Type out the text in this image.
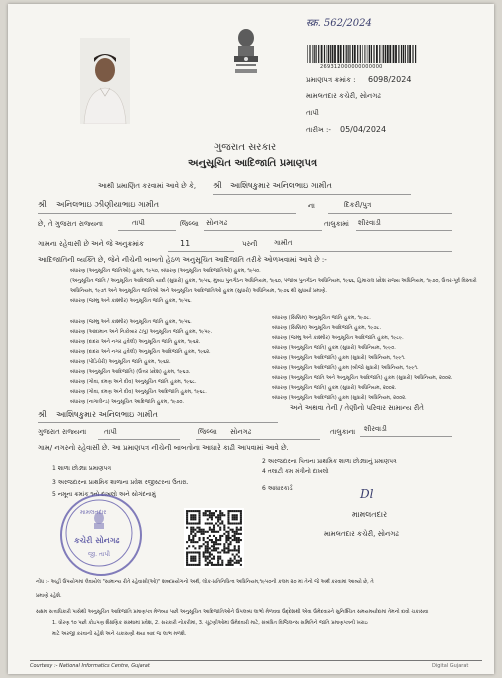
स्क्र. 562/2024
269312000000000000
પ્રમાણપત્ર ક્રમાંક : 6098/2024
મામલતદાર કચેરી, સોનગઢ
તાપી
તારીખ :- 05/04/2024
ગુજરાત સરકાર
અનુસૂચિત આદિજાતિ પ્રમાણપત્ર
આથી પ્રમાણિત કરવામાં આવે છે કે, શ્રી આશિષકુમાર અનિલભાઇ ગામીત
શ્રી અનિલભાઇ ઝીણીયાભાઇ ગામીત	ના	દિકરી/પુત્ર
છે, તે ગુજરાત રાજ્યના	તાપી	જિલ્લા સોનગઢ	તાલુકામાં શીરવાડી
ગામના રહેવાસી છે અને જે અનુક્રમાંક	11	પરની ગામીત
આદિજાતિની વ્યક્તિ છે, જેને નીચેની બાબતો હેઠળ અનુસૂચિત આદિજાતિ તરીકે ઓળખવામાં આવે છે :-
બંધારણ (અનુસૂચિત જાતિઓ) હુકમ, ૧૯૫૦, બંધારણ (અનુસૂચિત આદિજાતિઓ) હુકમ, ૧૯૫૦.
(અનુસૂચિત જાતિ / અનુસૂચિત આદિજાતિ યાદી (સુધારો) હુકમ, ૧૯૫૬, મુંબઇ પુનર્ગઠન અધિનિયમ, ૧૯૬૦, પંજાબ પુનર્ગઠન અધિનિયમ, ૧૯૬૬, હિમાચલ પ્રદેશ રાજ્ય અધિનિયમ, ૧૯૭૦, ઉત્તર-પૂર્વ વિસ્તારો
અધિનિયમ, ૧૯૭૧ અને અનુસૂચિત જાતિઓ અને અનુસૂચિત આદિજાતિઓ હુકમ (સુધારો) અધિનિયમ, ૧૯૭૬ થી સુધાર્યા પ્રમાણે.
બંધારણ (જમ્મુ અને કાશ્મીર) અનુસૂચિત જાતિ હુકમ, ૧૯૫૬.
બંધારણ (જમ્મુ અને કાશ્મીર) અનુસૂચિત જાતિ હુકમ, ૧૯૫૬.
બંધારણ (આંદામાન અને નિકોબાર ટાપુ) અનુસૂચિત જાતિ હુકમ, ૧૯૫૯.
બંધારણ (દાદરા અને નગર હવેલી) અનુસૂચિત જાતિ હુકમ, ૧૯૬૨.
બંધારણ (દાદરા અને નગર હવેલી) અનુસૂચિત આદિજાતિ હુકમ, ૧૯૬૨.
બંધારણ (પોંડિચેરી) અનુસૂચિત જાતિ હુકમ, ૧૯૬૪.
બંધારણ (અનુસૂચિત આદિજાતિ) (ઉત્તર પ્રદેશ) હુકમ, ૧૯૬૭.
બંધારણ (ગોવા, દમણ અને દીવ) અનુસૂચિત જાતિ હુકમ, ૧૯૬૮.
બંધારણ (ગોવા, દમણ અને દીવ) અનુસૂચિત આદિજાતિ હુકમ, ૧૯૬૮.
બંધારણ (નાગાલેન્ડ) અનુસૂચિત આદિજાતિ હુકમ, ૧૯૭૦.
બંધારણ (સિક્કિમ) અનુસૂચિત જાતિ હુકમ, ૧૯૭૮.
બંધારણ (સિક્કિમ) અનુસૂચિત આદિજાતિ હુકમ, ૧૯૭૮.
બંધારણ (જમ્મુ અને કાશ્મીર) અનુસૂચિત આદિજાતિ હુકમ, ૧૯૮૯.
બંધારણ (અનુસૂચિત જાતિ) હુકમ (સુધારો) અધિનિયમ, ૧૯૯૦.
બંધારણ (અનુસૂચિત આદિજાતિ) હુકમ (સુધારો) અધિનિયમ, ૧૯૯૧.
બંધારણ (અનુસૂચિત આદિજાતિ) હુકમ (બીજો સુધારો) અધિનિયમ, ૧૯૯૧.
બંધારણ (અનુસૂચિત જાતિ અને અનુસૂચિત આદિજાતિ) હુકમ (સુધારો) અધિનિયમ, ૨૦૦૨.
બંધારણ (અનુસૂચિત જાતિ) હુકમ (સુધારો) અધિનિયમ, ૨૦૦૨.
બંધારણ (અનુસૂચિત આદિજાતિ) હુકમ (સુધારો) અધિનિયમ, ૨૦૦૨.
શ્રી આશિષકુમાર અનિલભાઇ ગામીત
અને અથવા તેની / તેણીનો પરિવાર સામાન્ય રીતે
ગુજરાત રાજ્યના	તાપી	જિલ્લા સોનગઢ	તાલુકાના શીરવાડી
ગામ/ નગરનો રહેવાસી છે. આ પ્રમાણપત્ર નીચેની બાબતોના આધારે કાઢી આપવામાં આવે છે.
1 શાળા છોડ્યા પ્રમાણપત્ર
2 અરજદારના પિતાના પ્રાથમિક શાળા છોડ્યાનું પ્રમાણપત્ર
3 અરજદારના પ્રાથમિક શાળાના પ્રવેશ રજીસ્ટરના ઉતારા.
4 તલાટી કમ મંત્રીનો દાખલો
5 નમૂના ક્રમાંક ૧નો દાખલો અને સોગંદનામું
6 આધારકાર્ડ
મામલતદાર
કચેરી સોનગઢ
જી. તાપી
Dl
મામલતદાર
મામલતદાર કચેરી, સોનગઢ
નોંધ :- અહીં ઉપયોગમાં લેવાયેલ "સામાન્ય રીતે રહેવાસી(ઓ)" શબ્દપ્રયોગનો અર્થ, લોક-પ્રતિનિધિત્વ અધિનિયમ,૧૯૫૦ની કલમ ૨૦ માં તેનો જે અર્થ કરવામાં આવ્યો છે, તે
પ્રમાણે રહેશે.
સક્ષમ સત્તાધિકારી પાસેથી અનુસૂચિત આદિજાતિ પ્રમાણપત્ર મેળવ્યા પછી અનુસૂચિત આદિજાતિઓને ઉપલબ્ધ લાભો મેળવવા ઉદ્દેશથી એવા ઉમેદવારને સુનિશ્ચિત સમયમર્યાદામાં તેમનો દાવો ચકાસવા
1. ધોરણ ૧૦ પછી કોઇપણ શૈક્ષણિક સંસ્થામાં પ્રવેશ, 2. સરકારી નોકરીમાં, 3. ચૂંટણીઓમાં ઉમેદવારી માટે, સંબંધિત વિજિલન્સ સમિતિને જાતિ પ્રમાણપત્રની ખરાઇ
માટે અરજી કરવાની રહેશે અને ચકાસણી થયા બાદ જ લાભ મળશે.
Courtesy :- National Informatics Centre, Gujarat	Digital Gujarat
